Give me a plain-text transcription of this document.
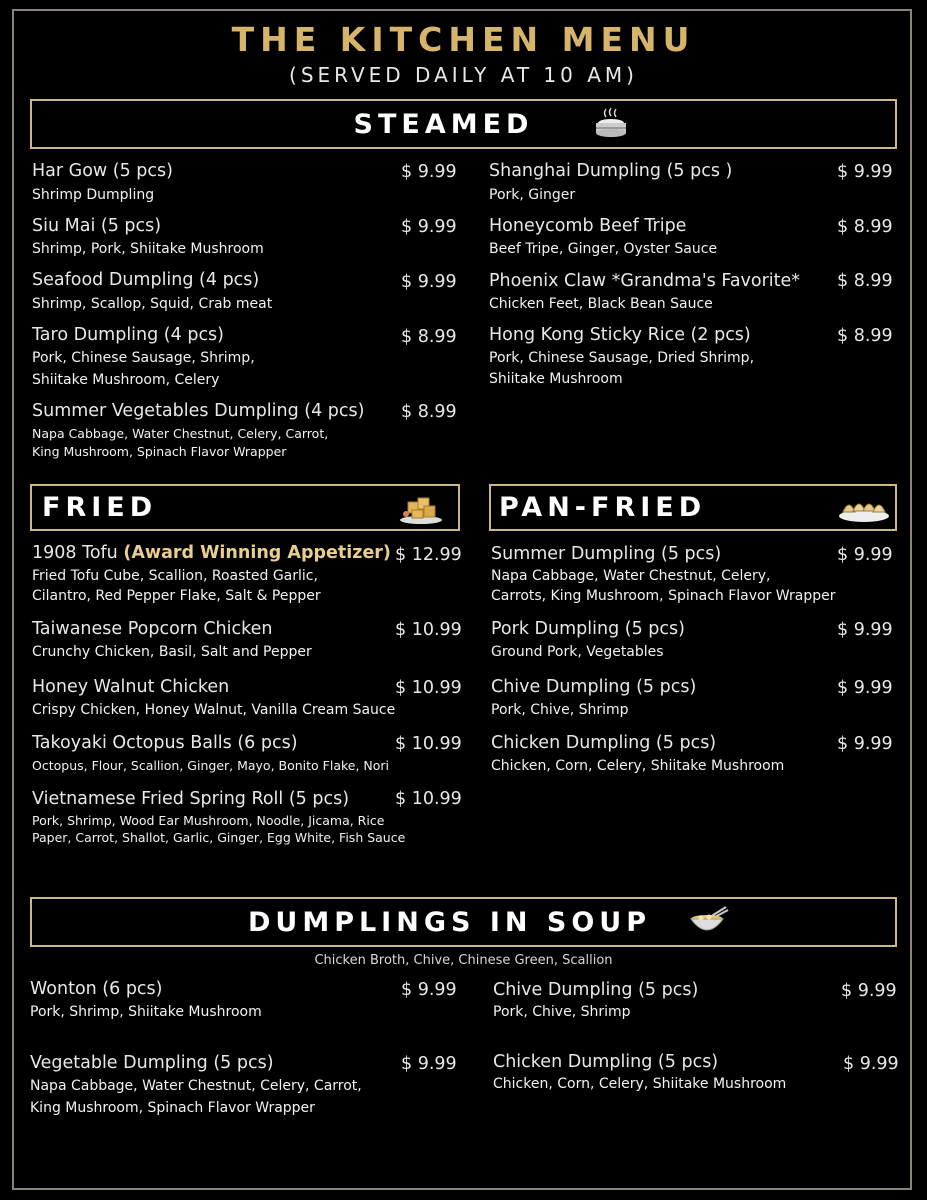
THE KITCHEN MENU
(SERVED DAILY AT 10 AM)
STEAMED
Har Gow (5 pcs)	$ 9.99
Shrimp Dumpling
Siu Mai (5 pcs)	$ 9.99
Shrimp, Pork, Shiitake Mushroom
Seafood Dumpling (4 pcs)	$ 9.99
Shrimp, Scallop, Squid, Crab meat
Taro Dumpling (4 pcs)	$ 8.99
Pork, Chinese Sausage, Shrimp,
Shiitake Mushroom, Celery
Summer Vegetables Dumpling (4 pcs) $ 8.99
Napa Cabbage, Water Chestnut, Celery, Carrot,
King Mushroom, Spinach Flavor Wrapper
Shanghai Dumpling (5 pcs )	$ 9.99
Pork, Ginger
Honeycomb Beef Tripe	$ 8.99
Beef Tripe, Ginger, Oyster Sauce
Phoenix Claw *Grandma's Favorite* $ 8.99
Chicken Feet, Black Bean Sauce
Hong Kong Sticky Rice (2 pcs)	$ 8.99
Pork, Chinese Sausage, Dried Shrimp,
Shiitake Mushroom
FRIED	PAN-FRIED
1908 Tofu (Award Winning Appetizer) $ 12.99
Fried Tofu Cube, Scallion, Roasted Garlic,
Cilantro, Red Pepper Flake, Salt & Pepper
Taiwanese Popcorn Chicken	$ 10.99
Crunchy Chicken, Basil, Salt and Pepper
Honey Walnut Chicken	$ 10.99
Crispy Chicken, Honey Walnut, Vanilla Cream Sauce
Takoyaki Octopus Balls (6 pcs)	$ 10.99
Octopus, Flour, Scallion, Ginger, Mayo, Bonito Flake, Nori
Vietnamese Fried Spring Roll (5 pcs)	$ 10.99
Pork, Shrimp, Wood Ear Mushroom, Noodle, Jicama, Rice
Paper, Carrot, Shallot, Garlic, Ginger, Egg White, Fish Sauce
Summer Dumpling (5 pcs)	$ 9.99
Napa Cabbage, Water Chestnut, Celery,
Carrots, King Mushroom, Spinach Flavor Wrapper
Pork Dumpling (5 pcs)	$ 9.99
Ground Pork, Vegetables
Chive Dumpling (5 pcs)	$ 9.99
Pork, Chive, Shrimp
Chicken Dumpling (5 pcs)	$ 9.99
Chicken, Corn, Celery, Shiitake Mushroom
DUMPLINGS IN SOUP
Chicken Broth, Chive, Chinese Green, Scallion
Wonton (6 pcs)	$ 9.99
Pork, Shrimp, Shiitake Mushroom
Vegetable Dumpling (5 pcs)	$ 9.99
Napa Cabbage, Water Chestnut, Celery, Carrot,
King Mushroom, Spinach Flavor Wrapper
Chive Dumpling (5 pcs)	$ 9.99
Pork, Chive, Shrimp
Chicken Dumpling (5 pcs)	$ 9.99
Chicken, Corn, Celery, Shiitake Mushroom
